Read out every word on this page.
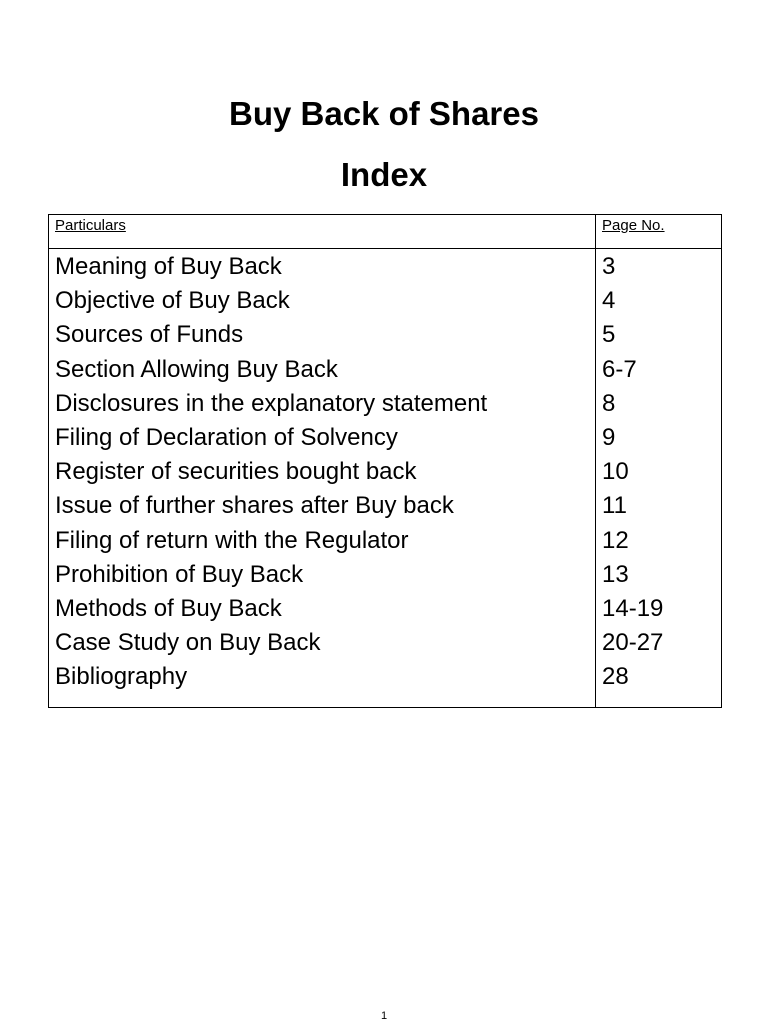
Buy Back of Shares
Index
Particulars	Page No.
Meaning of Buy Back	3
Objective of Buy Back	4
Sources of Funds	5
Section Allowing Buy Back	6-7
Disclosures in the explanatory statement	8
Filing of Declaration of Solvency	9
Register of securities bought back	10
Issue of further shares after Buy back	11
Filing of return with the Regulator	12
Prohibition of Buy Back	13
Methods of Buy Back	14-19
Case Study on Buy Back	20-27
Bibliography	28
1
